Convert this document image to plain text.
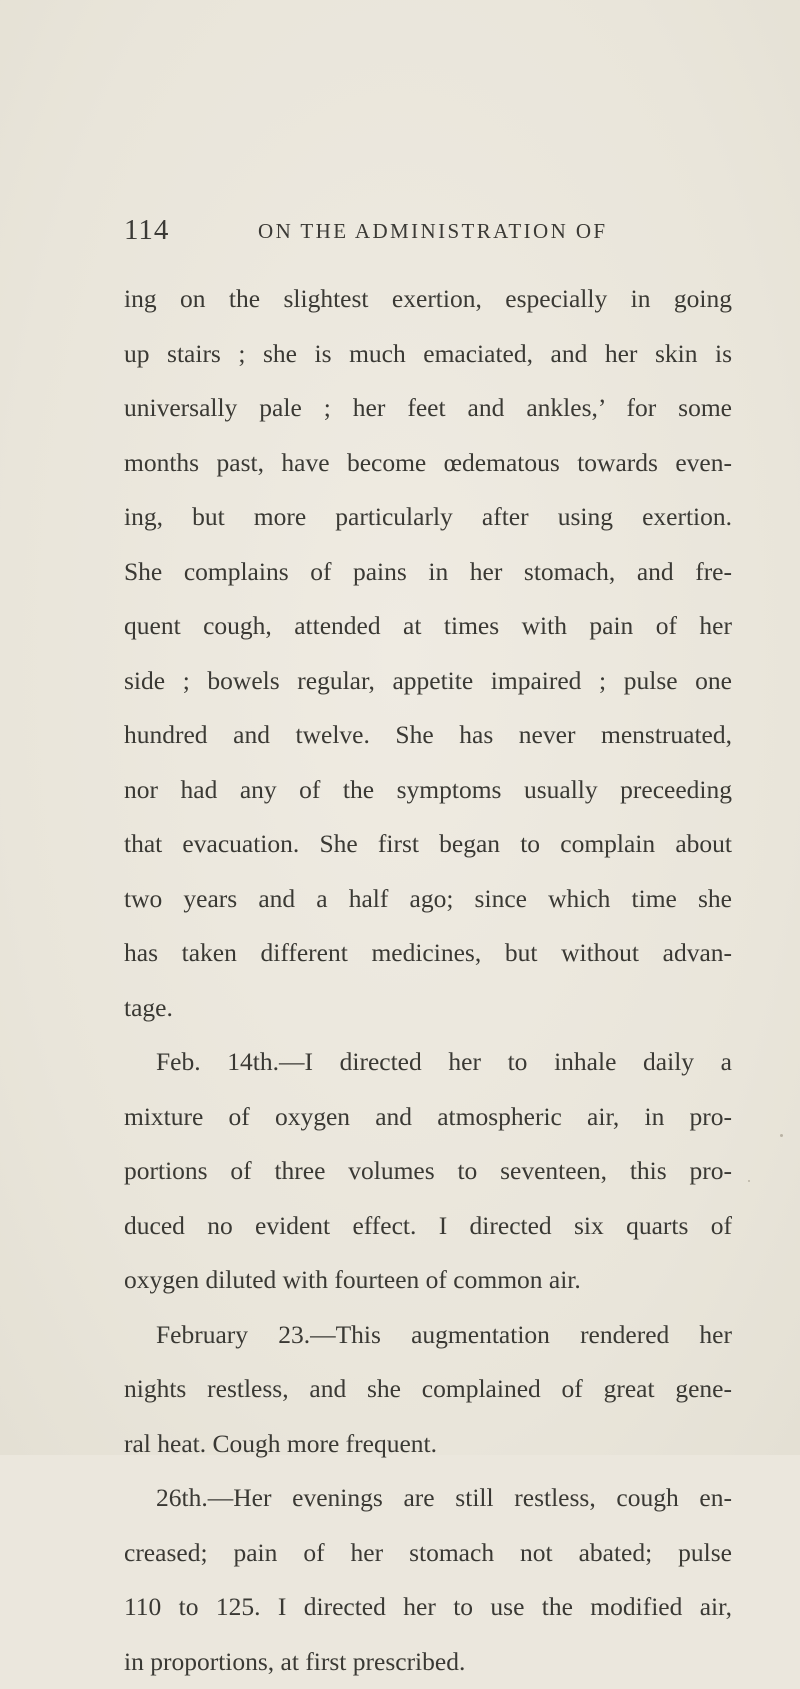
114	ON THE ADMINISTRATION OF
ing on the slightest exertion, especially in going
up stairs ; she is much emaciated, and her skin is
universally pale ; her feet and ankles,’ for some
months past, have become œdematous towards even-
ing, but more particularly after using exertion.
She complains of pains in her stomach, and fre-
quent cough, attended at times with pain of her
side ; bowels regular, appetite impaired ; pulse one
hundred and twelve. She has never menstruated,
nor had any of the symptoms usually preceeding
that evacuation. She first began to complain about
two years and a half ago; since which time she
has taken different medicines, but without advan-
tage.
Feb. 14th.—I directed her to inhale daily a
mixture of oxygen and atmospheric air, in pro-
portions of three volumes to seventeen, this pro-
duced no evident effect. I directed six quarts of
oxygen diluted with fourteen of common air.
February 23.—This augmentation rendered her
nights restless, and she complained of great gene-
ral heat. Cough more frequent.
26th.—Her evenings are still restless, cough en-
creased; pain of her stomach not abated; pulse
110 to 125. I directed her to use the modified air,
in proportions, at first prescribed.
